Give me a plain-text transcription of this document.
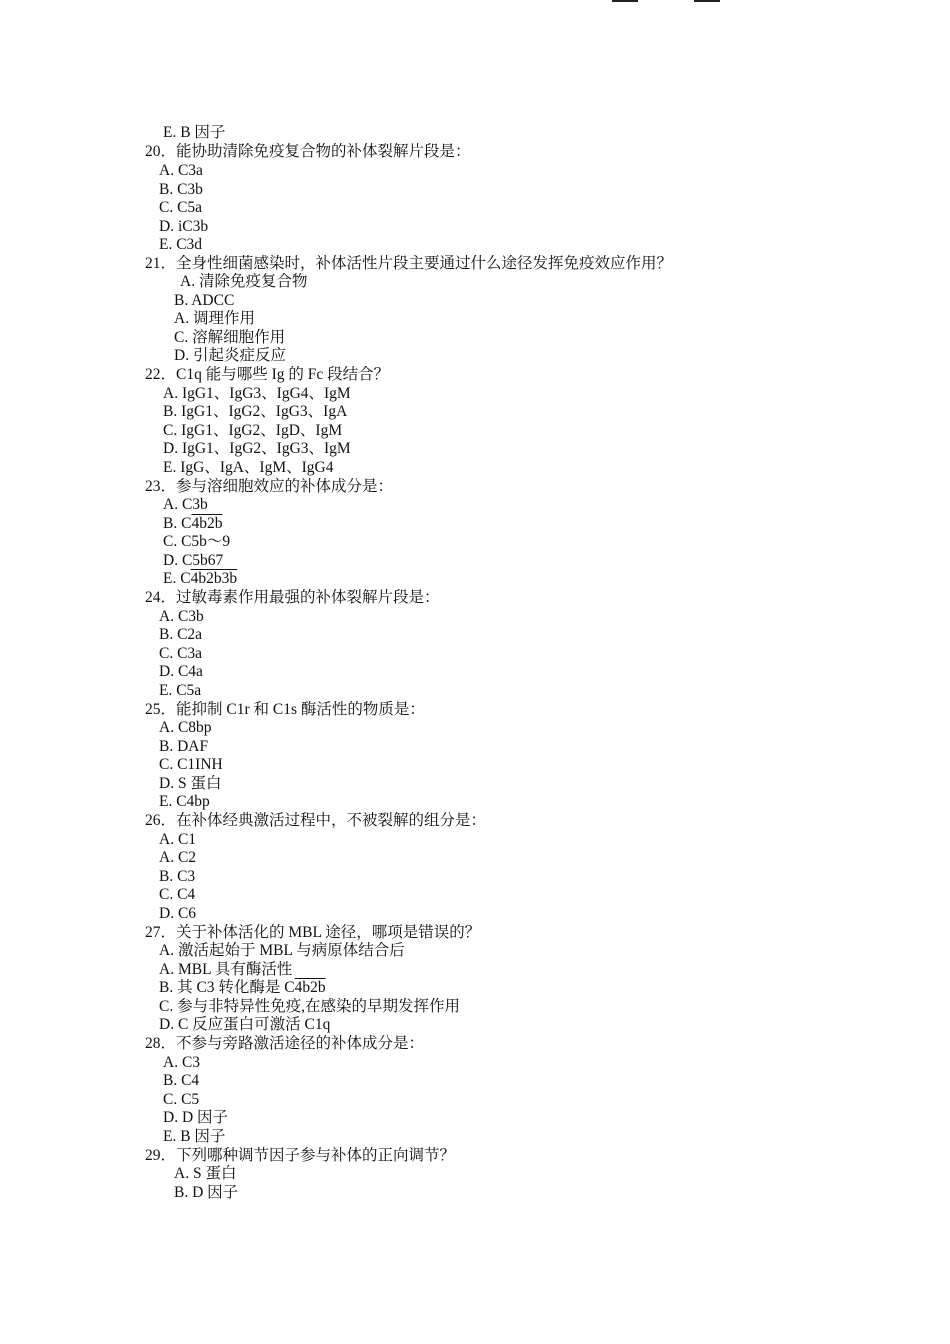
E. B 因子
20．能协助清除免疫复合物的补体裂解片段是：
A. C3a
B. C3b
C. C5a
D. iC3b
E. C3d
21．全身性细菌感染时，补体活性片段主要通过什么途径发挥免疫效应作用？
A. 清除免疫复合物
B. ADCC
A. 调理作用
C. 溶解细胞作用
D. 引起炎症反应
22．C1q 能与哪些 Ig 的 Fc 段结合？
A. IgG1、IgG3、IgG4、IgM
B. IgG1、IgG2、IgG3、IgA
C. IgG1、IgG2、IgD、IgM
D. IgG1、IgG2、IgG3、IgM
E. IgG、IgA、IgM、IgG4
23．参与溶细胞效应的补体成分是：
A. C3b
B. C4b2b
C. C5b～9
D. C5b67
E. C4b2b3b
24．过敏毒素作用最强的补体裂解片段是：
A. C3b
B. C2a
C. C3a
D. C4a
E. C5a
25．能抑制 C1r 和 C1s 酶活性的物质是：
A. C8bp
B. DAF
C. C1INH
D. S 蛋白
E. C4bp
26．在补体经典激活过程中，不被裂解的组分是：
A. C1
A. C2
B. C3
C. C4
D. C6
27．关于补体活化的 MBL 途径，哪项是错误的？
A. 激活起始于 MBL 与病原体结合后
A. MBL 具有酶活性
B. 其 C3 转化酶是 C4b2b
C. 参与非特异性免疫,在感染的早期发挥作用
D. C 反应蛋白可激活 C1q
28．不参与旁路激活途径的补体成分是：
A. C3
B. C4
C. C5
D. D 因子
E. B 因子
29．下列哪种调节因子参与补体的正向调节？
A. S 蛋白
B. D 因子
